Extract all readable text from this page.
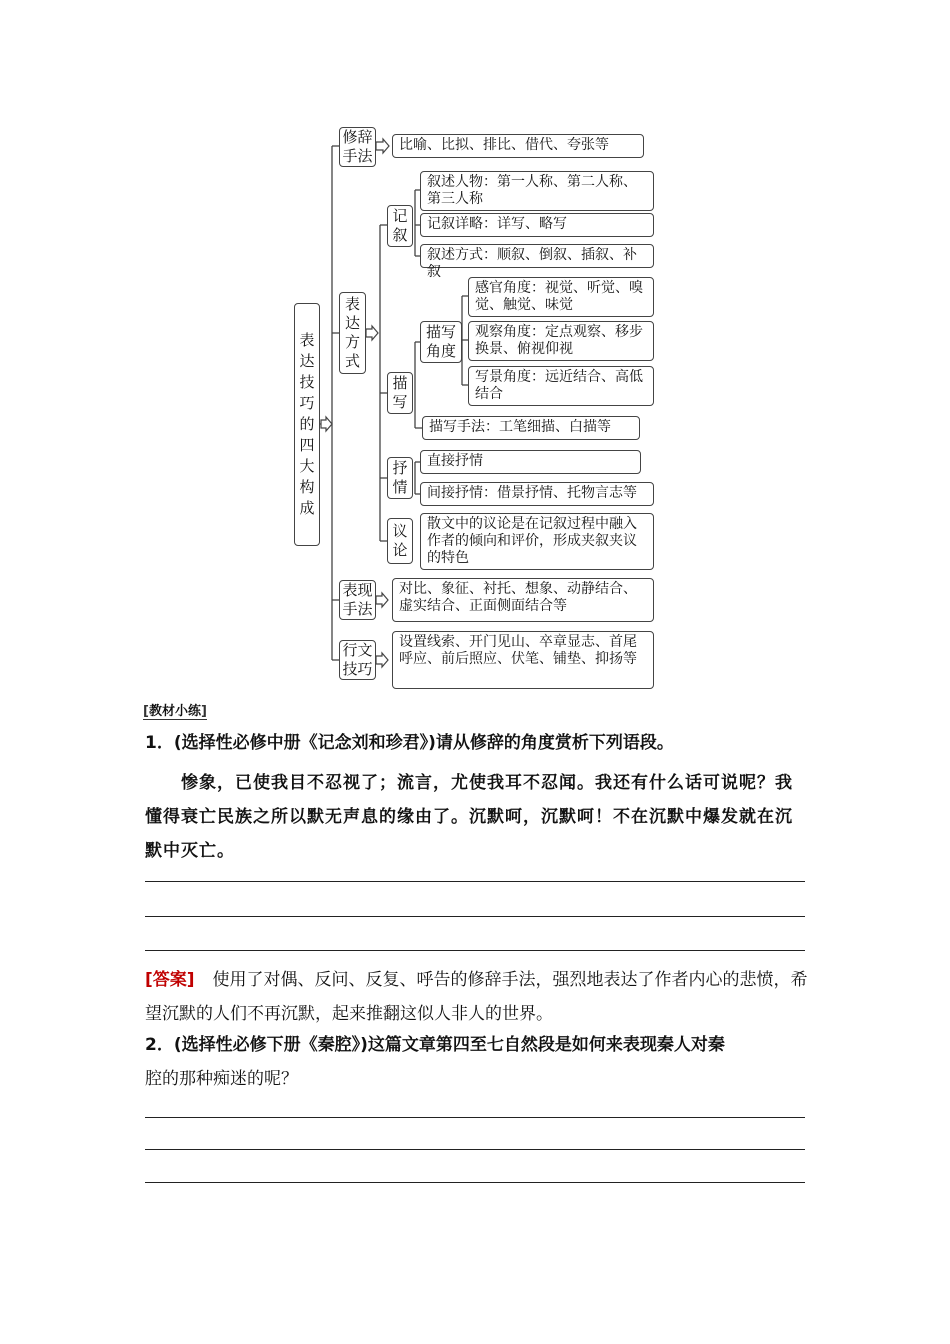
表达技巧的四大构成
修辞手法
比喻、比拟、排比、借代、夸张等
表达方式
记叙
叙述人物：第一人称、第二人称、第三人称
记叙详略：详写、略写
叙述方式：顺叙、倒叙、插叙、补叙
描写
描写角度
感官角度：视觉、听觉、嗅觉、触觉、味觉
观察角度：定点观察、移步换景、俯视仰视
写景角度：远近结合、高低结合
描写手法：工笔细描、白描等
抒情
直接抒情
间接抒情：借景抒情、托物言志等
议论
散文中的议论是在记叙过程中融入作者的倾向和评价，形成夹叙夹议的特色
表现手法
对比、象征、衬托、想象、动静结合、虚实结合、正面侧面结合等
行文技巧
设置线索、开门见山、卒章显志、首尾呼应、前后照应、伏笔、铺垫、抑扬等
[教材小练]
1．(选择性必修中册《记念刘和珍君》)请从修辞的角度赏析下列语段。
惨象，已使我目不忍视了；流言，尤使我耳不忍闻。我还有什么话可说呢？我懂得衰亡民族之所以默无声息的缘由了。沉默呵，沉默呵！不在沉默中爆发就在沉默中灭亡。
[答案] 使用了对偶、反问、反复、呼告的修辞手法，强烈地表达了作者内心的悲愤，希望沉默的人们不再沉默，起来推翻这似人非人的世界。
2．(选择性必修下册《秦腔》)这篇文章第四至七自然段是如何来表现秦人对秦
腔的那种痴迷的呢？
